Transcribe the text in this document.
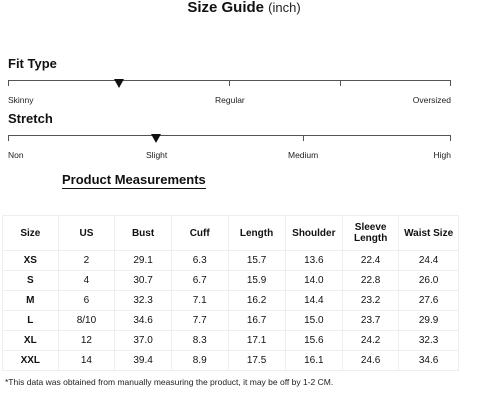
Size Guide (inch)
Fit Type
Skinny	Regular	Oversized
Stretch
Non	Slight	Medium	High
Product Measurements
Size	US	Bust	Cuff	Length	Shoulder	Sleeve Length	Waist Size
XS	2	29.1	6.3	15.7	13.6	22.4	24.4
S	4	30.7	6.7	15.9	14.0	22.8	26.0
M	6	32.3	7.1	16.2	14.4	23.2	27.6
L	8/10	34.6	7.7	16.7	15.0	23.7	29.9
XL	12	37.0	8.3	17.1	15.6	24.2	32.3
XXL	14	39.4	8.9	17.5	16.1	24.6	34.6
*This data was obtained from manually measuring the product, it may be off by 1-2 CM.
